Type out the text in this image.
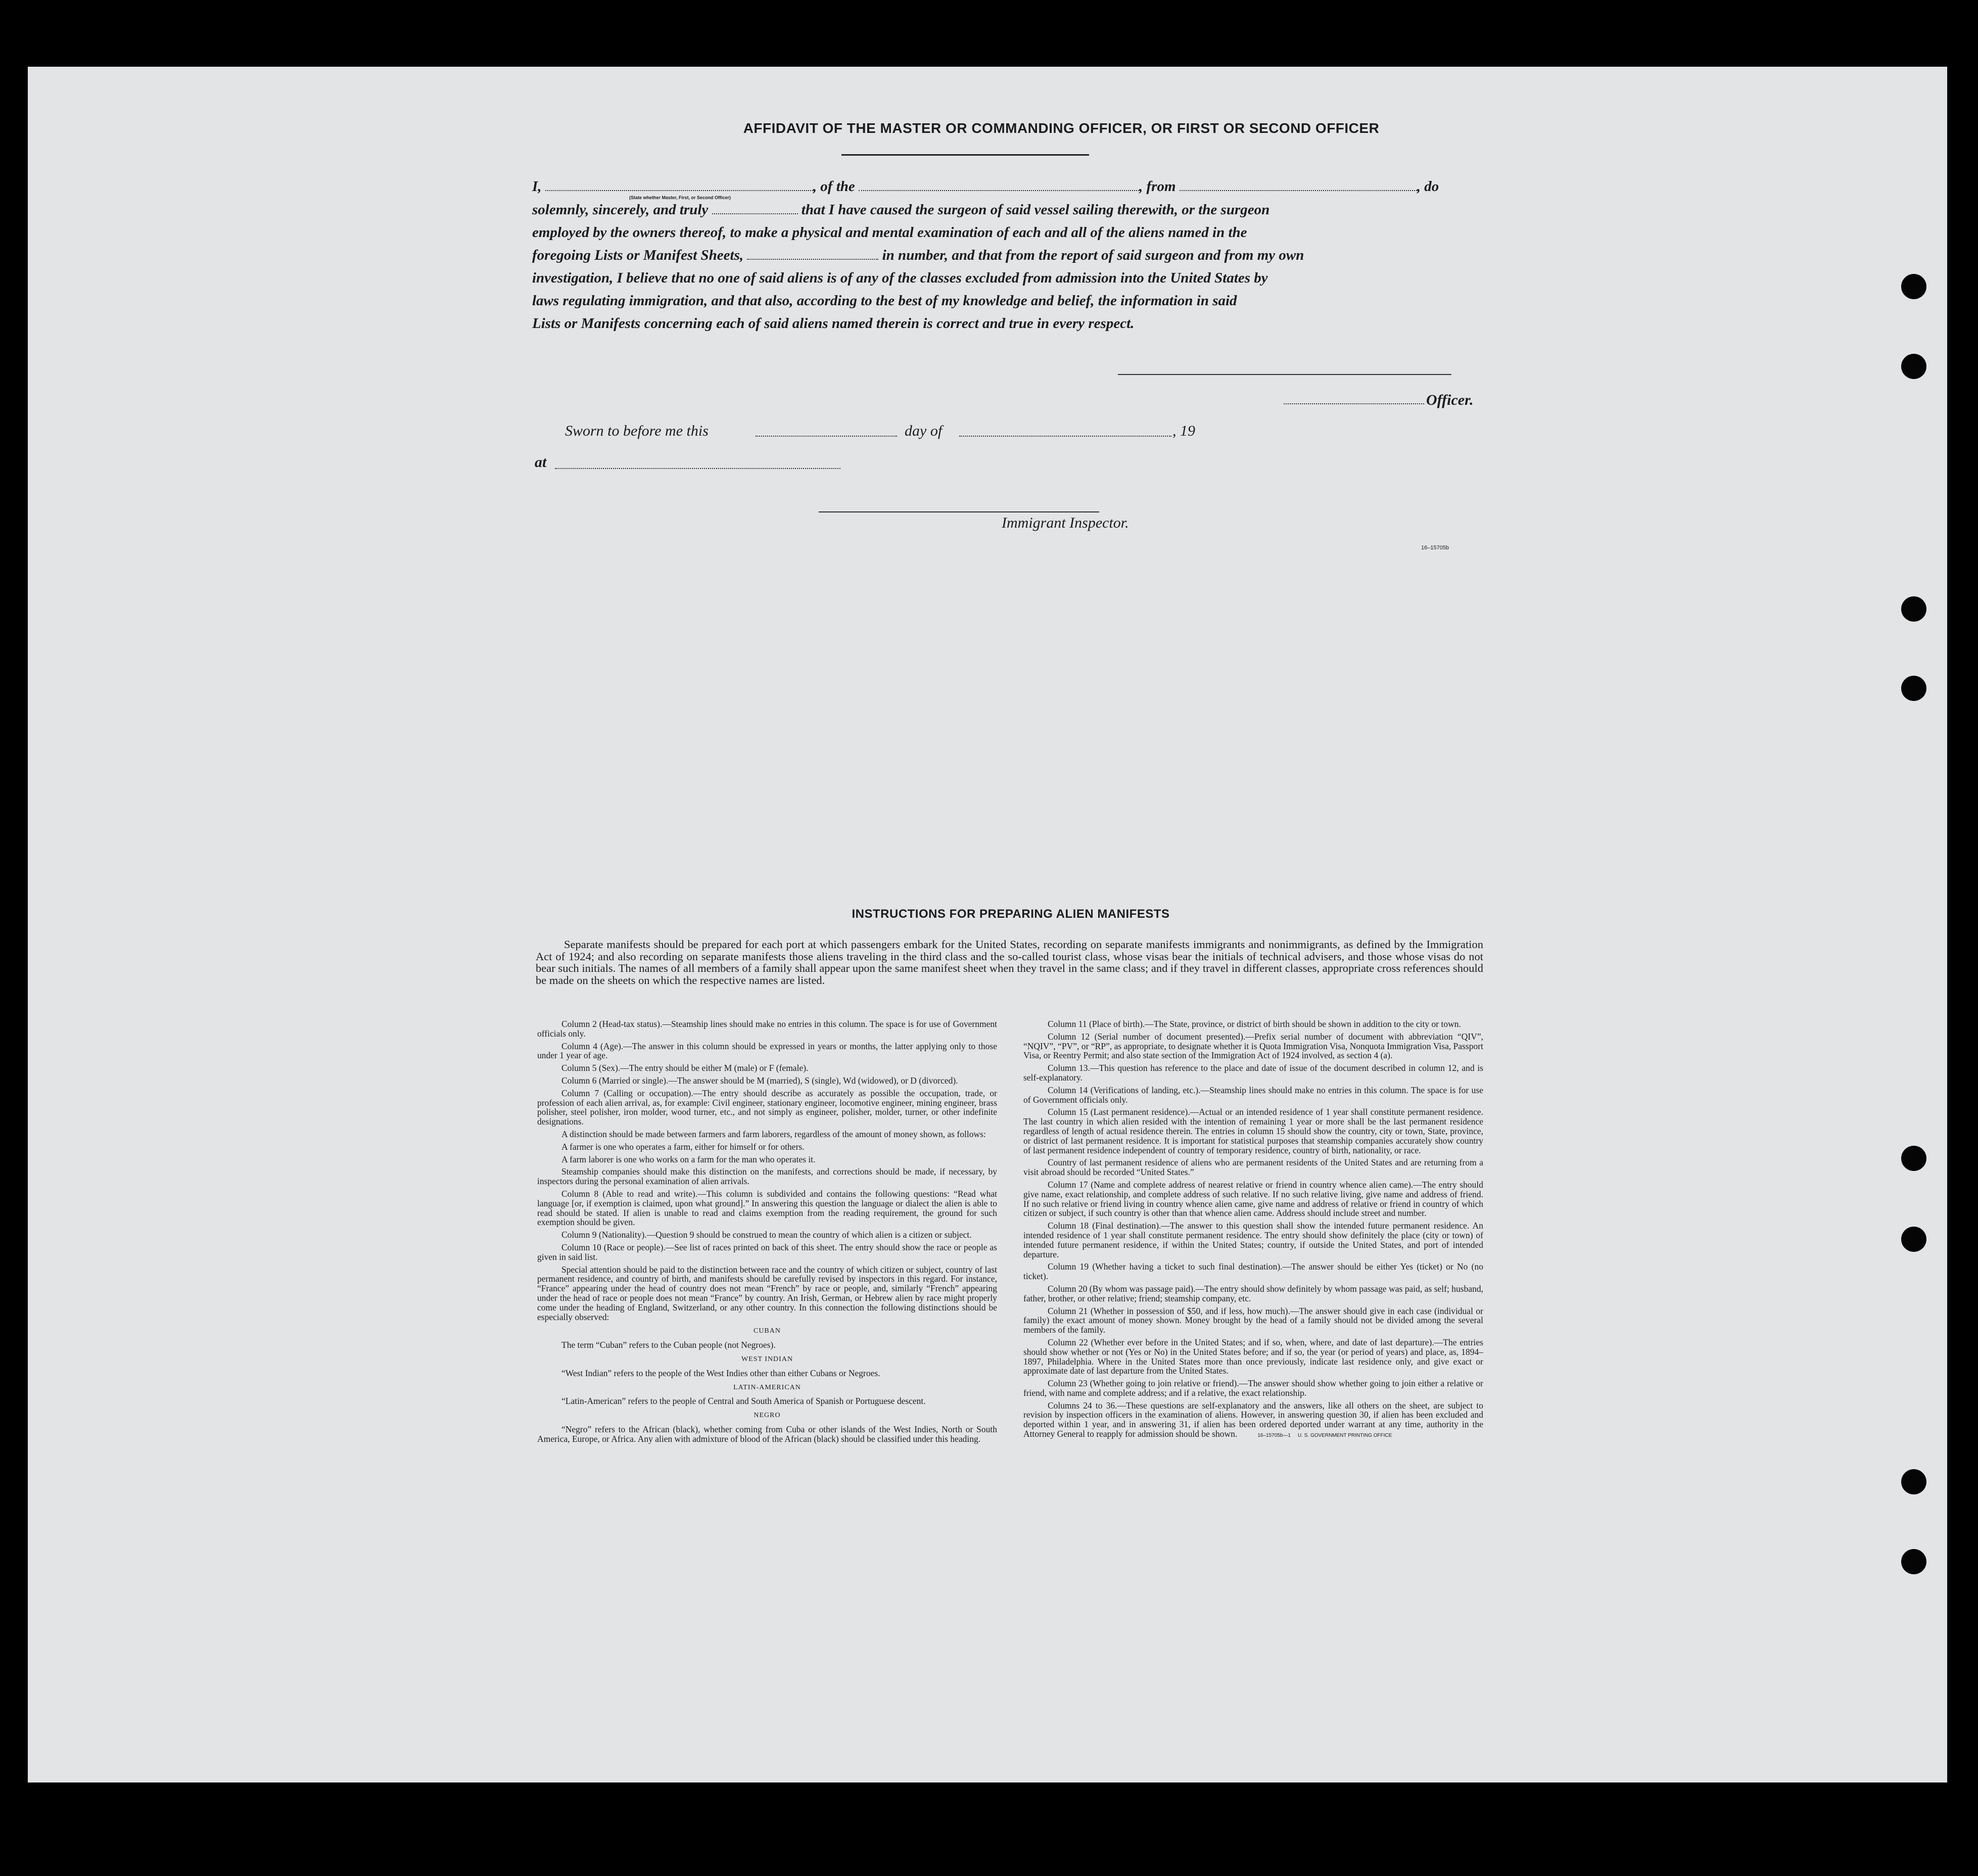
AFFIDAVIT OF THE MASTER OR COMMANDING OFFICER, OR FIRST OR SECOND OFFICER
I,	, of the	, from	, do
(State whether Master, First, or Second Officer)
solemnly, sincerely, and truly	that I have caused the surgeon of said vessel sailing therewith, or the surgeon
employed by the owners thereof, to make a physical and mental examination of each and all of the aliens named in the
foregoing Lists or Manifest Sheets,	in number, and that from the report of said surgeon and from my own
investigation, I believe that no one of said aliens is of any of the classes excluded from admission into the United States by
laws regulating immigration, and that also, according to the best of my knowledge and belief, the information in said
Lists or Manifests concerning each of said aliens named therein is correct and true in every respect.
Officer.
Sworn to before me this	day of	, 19
at
Immigrant Inspector.
16–15705b
INSTRUCTIONS FOR PREPARING ALIEN MANIFESTS
Separate manifests should be prepared for each port at which passengers embark for the United States, recording on separate manifests immigrants and nonimmigrants, as defined by the Immigration Act of 1924; and also recording on separate manifests those aliens traveling in the third class and the so-called tourist class, whose visas bear the initials of technical advisers, and those whose visas do not bear such initials. The names of all members of a family shall appear upon the same manifest sheet when they travel in the same class; and if they travel in different classes, appropriate cross references should be made on the sheets on which the respective names are listed.

Column 2 (Head-tax status).—Steamship lines should make no entries in this column. The space is for use of Government officials only.

Column 4 (Age).—The answer in this column should be expressed in years or months, the latter applying only to those under 1 year of age.

Column 5 (Sex).—The entry should be either M (male) or F (female).

Column 6 (Married or single).—The answer should be M (married), S (single), Wd (widowed), or D (divorced).

Column 7 (Calling or occupation).—The entry should describe as accurately as possible the occupation, trade, or profession of each alien arrival, as, for example: Civil engineer, stationary engineer, locomotive engineer, mining engineer, brass polisher, steel polisher, iron molder, wood turner, etc., and not simply as engineer, polisher, molder, turner, or other indefinite designations.

A distinction should be made between farmers and farm laborers, regardless of the amount of money shown, as follows:

A farmer is one who operates a farm, either for himself or for others.

A farm laborer is one who works on a farm for the man who operates it.

Steamship companies should make this distinction on the manifests, and corrections should be made, if necessary, by inspectors during the personal examination of alien arrivals.

Column 8 (Able to read and write).—This column is subdivided and contains the following questions: “Read what language [or, if exemption is claimed, upon what ground].” In answering this question the language or dialect the alien is able to read should be stated. If alien is unable to read and claims exemption from the reading requirement, the ground for such exemption should be given.

Column 9 (Nationality).—Question 9 should be construed to mean the country of which alien is a citizen or subject.

Column 10 (Race or people).—See list of races printed on back of this sheet. The entry should show the race or people as given in said list.

Special attention should be paid to the distinction between race and the country of which citizen or subject, country of last permanent residence, and country of birth, and manifests should be carefully revised by inspectors in this regard. For instance, “France” appearing under the head of country does not mean “French” by race or people, and, similarly “French” appearing under the head of race or people does not mean “France” by country. An Irish, German, or Hebrew alien by race might properly come under the heading of England, Switzerland, or any other country. In this connection the following distinctions should be especially observed:

CUBAN

The term “Cuban” refers to the Cuban people (not Negroes).

WEST INDIAN

“West Indian” refers to the people of the West Indies other than either Cubans or Negroes.

LATIN-AMERICAN

“Latin-American” refers to the people of Central and South America of Spanish or Portuguese descent.

NEGRO

“Negro” refers to the African (black), whether coming from Cuba or other islands of the West Indies, North or South America, Europe, or Africa. Any alien with admixture of blood of the African (black) should be classified under this heading.

Column 11 (Place of birth).—The State, province, or district of birth should be shown in addition to the city or town.

Column 12 (Serial number of document presented).—Prefix serial number of document with abbreviation “QIV”, “NQIV”, “PV”, or “RP”, as appropriate, to designate whether it is Quota Immigration Visa, Nonquota Immigration Visa, Passport Visa, or Reentry Permit; and also state section of the Immigration Act of 1924 involved, as section 4 (a).

Column 13.—This question has reference to the place and date of issue of the document described in column 12, and is self-explanatory.

Column 14 (Verifications of landing, etc.).—Steamship lines should make no entries in this column. The space is for use of Government officials only.

Column 15 (Last permanent residence).—Actual or an intended residence of 1 year shall constitute permanent residence. The last country in which alien resided with the intention of remaining 1 year or more shall be the last permanent residence regardless of length of actual residence therein. The entries in column 15 should show the country, city or town, State, province, or district of last permanent residence. It is important for statistical purposes that steamship companies accurately show country of last permanent residence independent of country of temporary residence, country of birth, nationality, or race.

Country of last permanent residence of aliens who are permanent residents of the United States and are returning from a visit abroad should be recorded “United States.”

Column 17 (Name and complete address of nearest relative or friend in country whence alien came).—The entry should give name, exact relationship, and complete address of such relative. If no such relative living, give name and address of friend. If no such relative or friend living in country whence alien came, give name and address of relative or friend in country of which citizen or subject, if such country is other than that whence alien came. Address should include street and number.

Column 18 (Final destination).—The answer to this question shall show the intended future permanent residence. An intended residence of 1 year shall constitute permanent residence. The entry should show definitely the place (city or town) of intended future permanent residence, if within the United States; country, if outside the United States, and port of intended departure.

Column 19 (Whether having a ticket to such final destination).—The answer should be either Yes (ticket) or No (no ticket).

Column 20 (By whom was passage paid).—The entry should show definitely by whom passage was paid, as self; husband, father, brother, or other relative; friend; steamship company, etc.

Column 21 (Whether in possession of $50, and if less, how much).—The answer should give in each case (individual or family) the exact amount of money shown. Money brought by the head of a family should not be divided among the several members of the family.

Column 22 (Whether ever before in the United States; and if so, when, where, and date of last departure).—The entries should show whether or not (Yes or No) in the United States before; and if so, the year (or period of years) and place, as, 1894–1897, Philadelphia. Where in the United States more than once previously, indicate last residence only, and give exact or approximate date of last departure from the United States.

Column 23 (Whether going to join relative or friend).—The answer should show whether going to join either a relative or friend, with name and complete address; and if a relative, the exact relationship.

Columns 24 to 36.—These questions are self-explanatory and the answers, like all others on the sheet, are subject to revision by inspection officers in the examination of aliens. However, in answering question 30, if alien has been excluded and deported within 1 year, and in answering 31, if alien has been ordered deported under warrant at any time, authority in the Attorney General to reapply for admission should be shown.	16–15705b—1 U. S. GOVERNMENT PRINTING OFFICE
